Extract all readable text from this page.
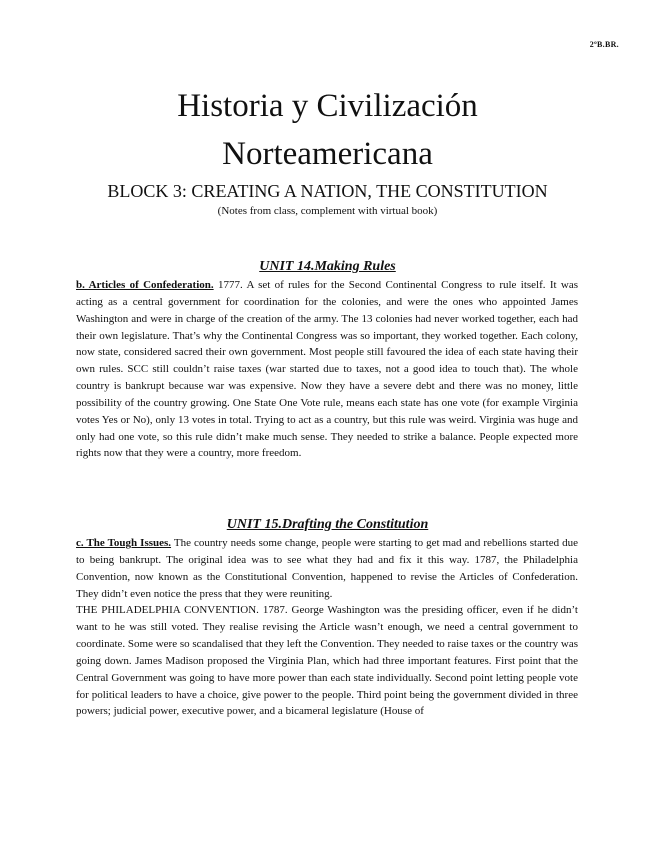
2ºB.BR.
Historia y Civilización
Norteamericana
BLOCK 3: CREATING A NATION, THE CONSTITUTION
(Notes from class, complement with virtual book)
UNIT 14.Making Rules

b. Articles of Confederation. 1777. A set of rules for the Second Continental Congress to rule itself. It was acting as a central government for coordination for the colonies, and were the ones who appointed James Washington and were in charge of the creation of the army. The 13 colonies had never worked together, each had their own legislature. That’s why the Continental Congress was so important, they worked together. Each colony, now state, considered sacred their own government. Most people still favoured the idea of each state having their own rules. SCC still couldn’t raise taxes (war started due to taxes, not a good idea to touch that). The whole country is bankrupt because war was expensive. Now they have a severe debt and there was no money, little possibility of the country growing. One State One Vote rule, means each state has one vote (for example Virginia votes Yes or No), only 13 votes in total. Trying to act as a country, but this rule was weird. Virginia was huge and only had one vote, so this rule didn’t make much sense. They needed to strike a balance. People expected more rights now that they were a country, more freedom.

UNIT 15.Drafting the Constitution

c. The Tough Issues. The country needs some change, people were starting to get mad and rebellions started due to being bankrupt. The original idea was to see what they had and fix it this way. 1787, the Philadelphia Convention, now known as the Constitutional Convention, happened to revise the Articles of Confederation. They didn’t even notice the press that they were reuniting.

THE PHILADELPHIA CONVENTION. 1787. George Washington was the presiding officer, even if he didn’t want to he was still voted. They realise revising the Article wasn’t enough, we need a central government to coordinate. Some were so scandalised that they left the Convention. They needed to raise taxes or the country was going down. James Madison proposed the Virginia Plan, which had three important features. First point that the Central Government was going to have more power than each state individually. Second point letting people vote for political leaders to have a choice, give power to the people. Third point being the government divided in three powers; judicial power, executive power, and a bicameral legislature (House of
